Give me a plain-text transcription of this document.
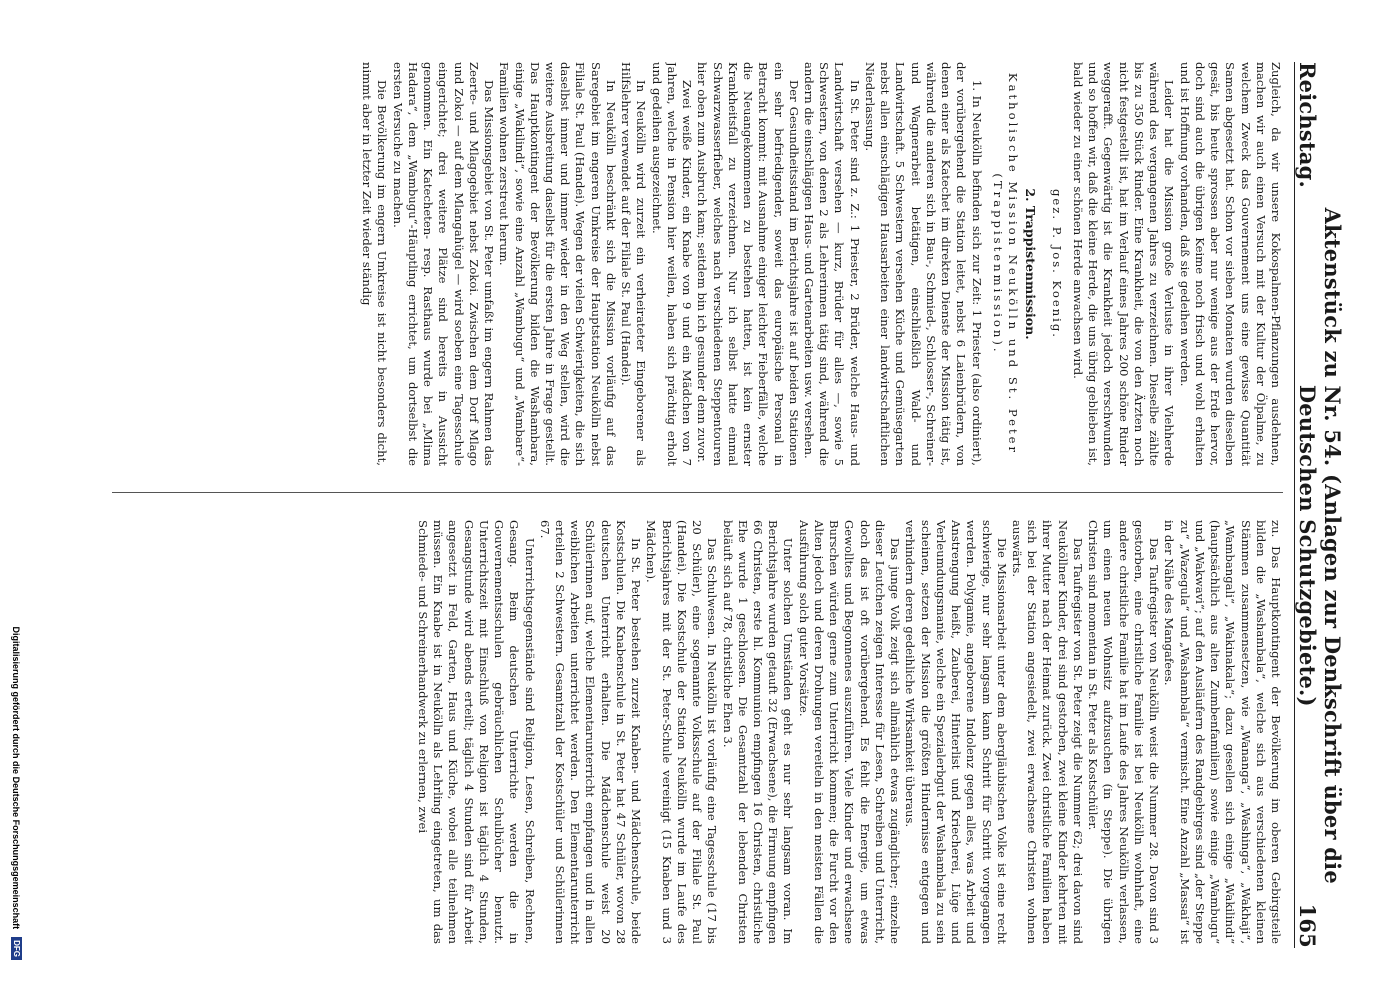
Reichstag.
Aktenstück zu Nr. 54. (Anlagen zur Denkschrift über die Deutschen Schutzgebiete.)
165

Zugleich, da wir unsere Kokospalmen-Pflanzungen ausdehnen, machen wir auch einen Versuch mit der Kultur der Ölpalme, zu welchem Zweck das Gouvernement uns eine gewisse Quantität Samen abgesetzt hat. Schon vor sieben Monaten wurden dieselben gesät, bis heute sprossen aber nur wenige aus der Erde hervor, doch sind auch die übrigen Keime noch frisch und wohl erhalten und ist Hoffnung vorhanden, daß sie gedeihen werden.

Leider hat die Mission große Verluste in ihrer Viehherde während des vergangenen Jahres zu verzeichnen. Dieselbe zählte bis zu 350 Stück Rinder. Eine Krankheit, die von den Ärzten noch nicht festgestellt ist, hat im Verlauf eines Jahres 200 schöne Rinder weggerafft. Gegenwärtig ist die Krankheit jedoch verschwunden und so hoffen wir, daß die kleine Herde, die uns übrig geblieben ist, bald wieder zu einer schönen Herde anwachsen wird.

gez. P. Jos. Koenig.
2. Trappistenmission.
Katholische Mission Neukölln und St. Peter (Trappistenmission).

1. In Neukölln befinden sich zur Zeit: 1 Priester (also ordiniert), der vorübergehend die Station leitet, nebst 6 Laienbrüdern, von denen einer als Katechet im direkten Dienste der Mission tätig ist, während die anderen sich in Bau-, Schmied-, Schlosser-, Schreiner- und Wagnerarbeit betätigen, einschließlich Wald- und Landwirtschaft. 5 Schwestern versehen Küche und Gemüsegarten nebst allen einschlägigen Hausarbeiten einer landwirtschaftlichen Niederlassung.

In St. Peter sind z. Z.: 1 Priester, 2 Brüder, welche Haus- und Landwirtschaft versehen — kurz, Brüder für alles —, sowie 5 Schwestern, von denen 2 als Lehrerinnen tätig sind, während die andern die einschlägigen Haus- und Gartenarbeiten usw. versehen.

Der Gesundheitsstand im Berichtsjahre ist auf beiden Stationen ein sehr befriedigender, soweit das europäische Personal in Betracht kommt: mit Ausnahme einiger leichter Fieberfälle, welche die Neuangekommenen zu bestehen hatten, ist kein ernster Krankheitsfall zu verzeichnen. Nur ich selbst hatte einmal Schwarzwasserfieber, welches nach verschiedenen Steppentouren hier oben zum Ausbruch kam; seitdem bin ich gesunder denn zuvor.

Zwei weiße Kinder, ein Knabe von 9 und ein Mädchen von 7 Jahren, welche in Pension hier weilen, haben sich prächtig erholt und gedeihen ausgezeichnet.

In Neukölln wird zurzeit ein verheirateter Eingeborener als Hilfslehrer verwendet auf der Filiale St. Paul (Handei).

In Neukölln beschränkt sich die Mission vorläufig auf das Saregebiet im engeren Umkreise der Hauptstation Neukölln nebst Filiale St. Paul (Handei). Wegen der vielen Schwierigkeiten, die sich daselbst immer und immer wieder in den Weg stellen, wird die weitere Ausbreitung daselbst für die ersten Jahre in Frage gestellt. Das Hauptkontingent der Bevölkerung bilden die Washambara, einige „Wakilindi“, sowie eine Anzahl „Wambugu“ und „Wambare“-Familien wohnen zerstreut herum.

Das Missionsgebiet von St. Peter umfaßt im engern Rahmen das Zeerte- und Mlagogebiet nebst Zokoi. Zwischen dem Dorf Mlago und Zokoi — auf dem Mlangahügel — wird soeben eine Tagesschule eingerichtet; drei weitere Plätze sind bereits in Aussicht genommen. Ein Katecheten- resp. Rasthaus wurde bei „Mlima Hadara“, dem „Wambugu“-Häuptling errichtet, um dortselbst die ersten Versuche zu machen.

Die Bevölkerung im engern Umkreise ist nicht besonders dicht, nimmt aber in letzter Zeit wieder ständig

zu. Das Hauptkontingent der Bevölkerung im oberen Gebirgsteile bilden die „Washambala“, welche sich aus verschiedenen kleinen Stämmen zusammensetzen, wie „Wananga“, „Washinga“, „Wakhaji“, „Wambangali“, „Wakinakala“; dazu gesellen sich einige „Wakilindi“ (hauptsächlich aus alten Zumbenfamilien) sowie einige „Wambugu“ und „Wakwavi“; auf den Ausläufern des Randgebirges sind „der Steppe zu“ „Wazegula“ und „Washambala“ vermischt. Eine Anzahl „Massai“ ist in der Nähe des Mangafees.

Das Taufregister von Neukölln weist die Nummer 28. Davon sind 3 gestorben, eine christliche Familie ist bei Neukölln wohnhaft, eine andere christliche Familie hat im Laufe des Jahres Neukölln verlassen, um einen neuen Wohnsitz aufzusuchen (in Steppe). Die übrigen Christen sind momentan in St. Peter als Kostschüler.

Das Taufregister von St. Peter zeigt die Nummer 62; drei davon sind Neuköllner Kinder, drei sind gestorben, zwei kleine Kinder kehrten mit ihrer Mutter nach der Heimat zurück. Zwei christliche Familien haben sich bei der Station angesiedelt, zwei erwachsene Christen wohnen auswärts.

Die Missionsarbeit unter dem abergläubischen Volke ist eine recht schwierige, nur sehr langsam kann Schritt für Schritt vorgegangen werden. Polygamie, angeborene Indolenz gegen alles, was Arbeit und Anstrengung heißt, Zauberei, Hinterlist und Kriecherei, Lüge und Verleumdungsmanie, welche ein Spezialerbgut der Washambala zu sein scheinen, setzen der Mission die größten Hindernisse entgegen und verhindern deren gedeihliche Wirksamkeit überaus.

Das junge Volk zeigt sich allmählich etwas zugänglicher; einzelne dieser Leutchen zeigen Interesse für Lesen, Schreiben und Unterricht, doch das ist oft vorübergehend. Es fehlt die Energie, um etwas Gewolltes und Begonnenes auszuführen. Viele Kinder und erwachsene Burschen würden gerne zum Unterricht kommen; die Furcht vor den Alten jedoch und deren Drohungen vereiteln in den meisten Fällen die Ausführung solch guter Vorsätze.

Unter solchen Umständen geht es nur sehr langsam voran. Im Berichtsjahre wurden getauft 32 (Erwachsene), die Firmung empfingen 66 Christen, erste hl. Kommunion empfingen 16 Christen, christliche Ehe wurde 1 geschlossen. Die Gesamtzahl der lebenden Christen beläuft sich auf 78, christliche Ehen 3.

Das Schulwesen. In Neukölln ist vorläufig eine Tagesschule (17 bis 20 Schüler), eine sogenannte Volksschule auf der Filiale St. Paul (Handei). Die Kostschule der Station Neukölln wurde im Laufe des Berichtsjahres mit der St. Peter-Schule vereinigt (15 Knaben und 3 Mädchen).

In St. Peter bestehen zurzeit Knaben- und Mädchenschule, beide Kostschulen. Die Knabenschule in St. Peter hat 47 Schüler, wovon 28 deutschen Unterricht erhalten. Die Mädchenschule weist 20 Schülerinnen auf, welche Elementarunterricht empfangen und in allen weiblichen Arbeiten unterrichtet werden. Den Elementarunterricht erteilen 2 Schwestern. Gesamtzahl der Kostschüler und Schülerinnen 67.

Unterrichtsgegenstände sind Religion, Lesen, Schreiben, Rechnen, Gesang. Beim deutschen Unterrichte werden die in Gouvernementsschulen gebräuchlichen Schulbücher benutzt. Unterrichtszeit mit Einschluß von Religion ist täglich 4 Stunden, Gesangstunde wird abends erteilt; täglich 4 Stunden sind für Arbeit angesetzt in Feld, Garten, Haus und Küche, wobei alle teilnehmen müssen. Ein Knabe ist in Neukölln als Lehrling eingetreten, um das Schmiede- und Schreinerhandwerk zu erlernen, zwei

Digitalisierung gefördert durch die Deutsche Forschungsgemeinschaft
DFG
